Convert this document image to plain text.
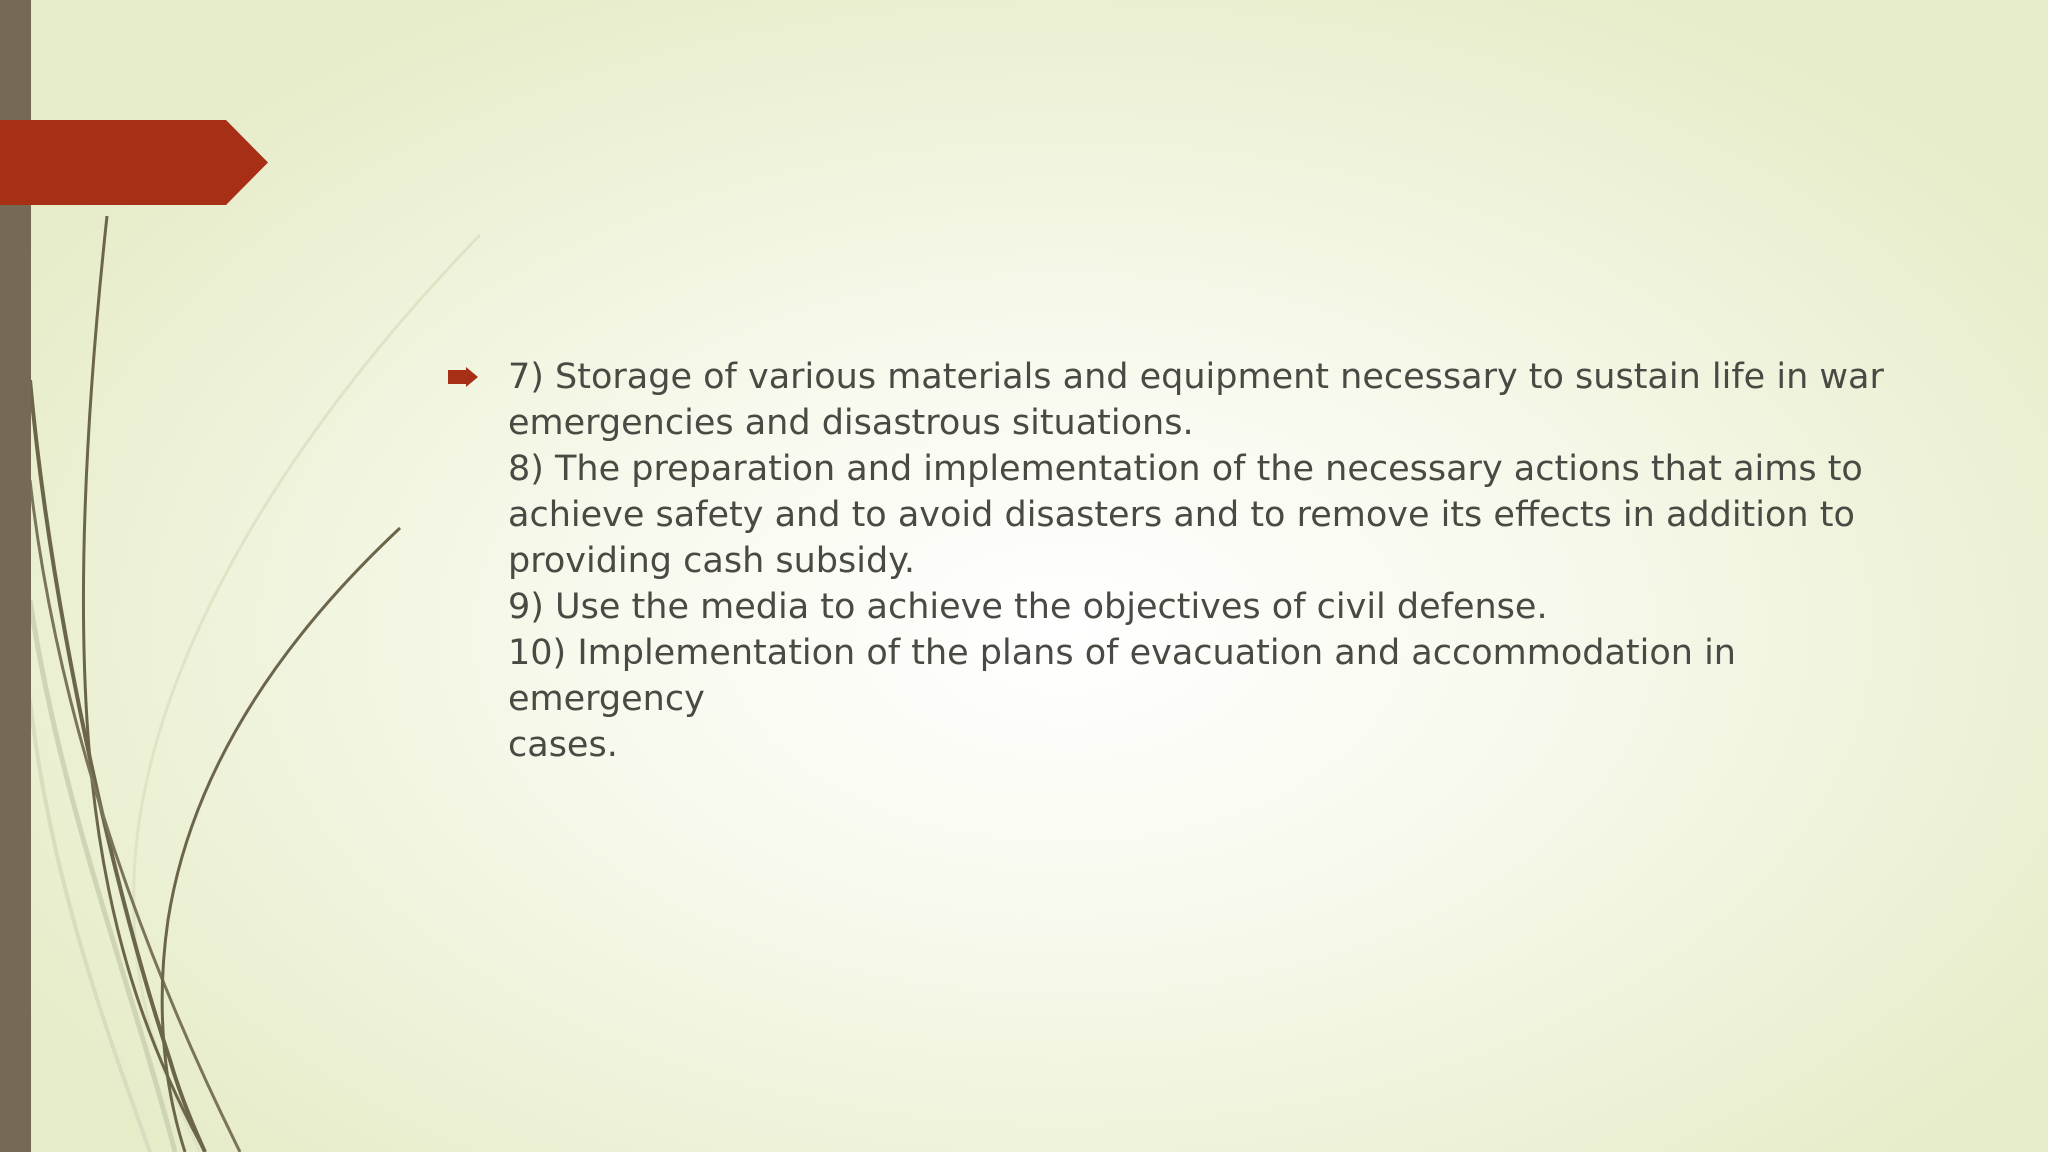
7) Storage of various materials and equipment necessary to sustain life in war
emergencies and disastrous situations.
8) The preparation and implementation of the necessary actions that aims to
achieve safety and to avoid disasters and to remove its effects in addition to
providing cash subsidy.
9) Use the media to achieve the objectives of civil defense.
10) Implementation of the plans of evacuation and accommodation in emergency
cases.
